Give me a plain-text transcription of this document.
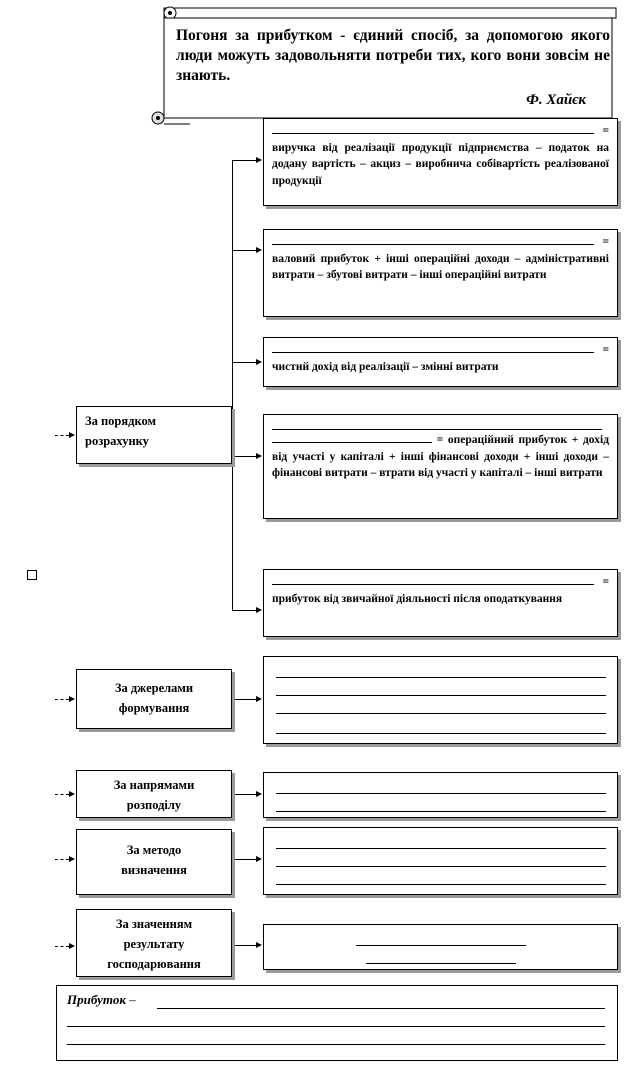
Погоня за прибутком - єдиний спосіб, за допомогою якого люди можуть задовольняти потреби тих, кого вони зовсім не знають.
Ф. Хайєк
За порядком розрахунку
= виручка від реалізації продукції підприємства – податок на додану вартість – акциз – виробнича собівартість реалізованої продукції
= валовий прибуток + інші операційні доходи – адміністративні витрати – збутові витрати – інші операційні витрати
= чистий дохід від реалізації – змінні витрати
= операційний прибуток + дохід від участі у капіталі + інші фінансові доходи + інші доходи – фінансові витрати – втрати від участі у капіталі – інші витрати
= прибуток від звичайної діяльності після оподаткування
За джерелами формування
За напрямами розподілу
За методо визначення
За значенням результату господарювання
Прибуток –
